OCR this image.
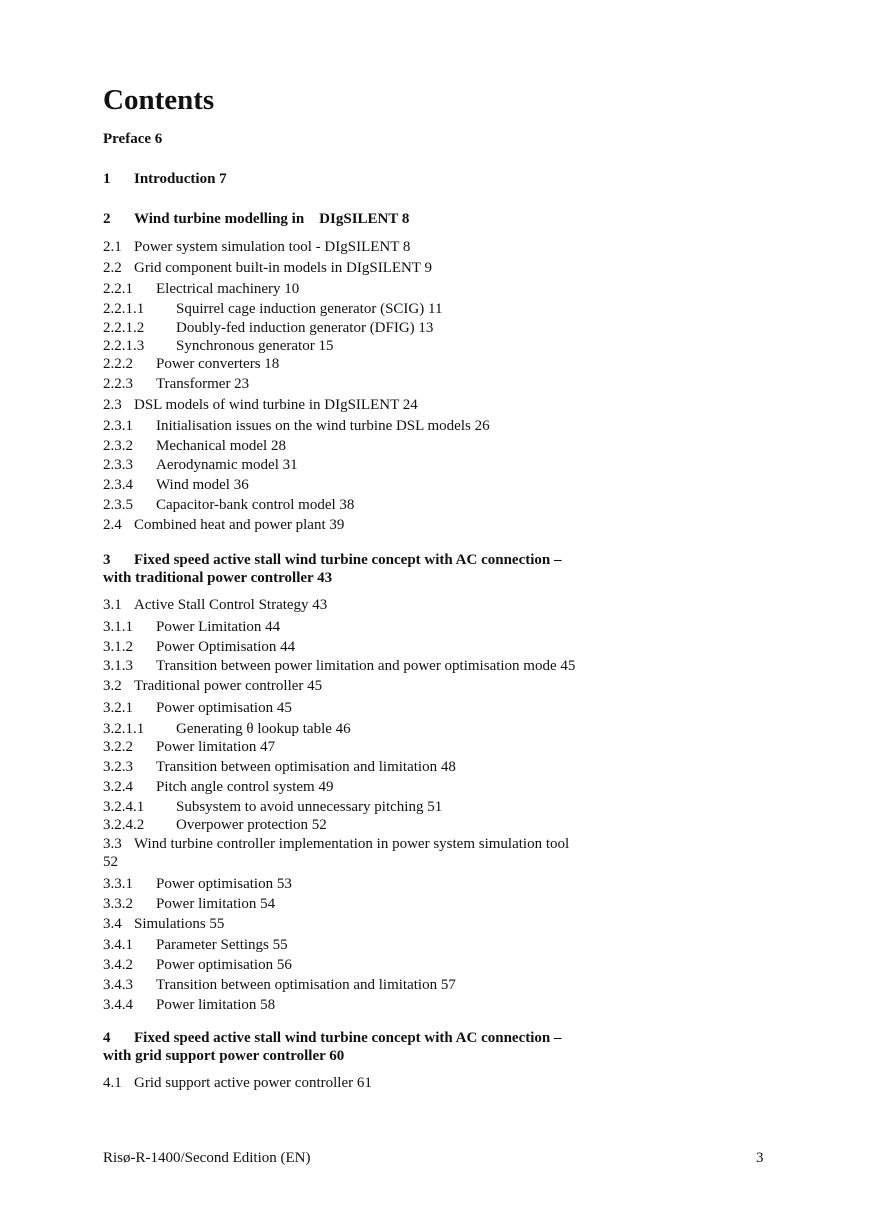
Contents
Preface 6
1 Introduction 7
2 Wind turbine modelling in    DIgSILENT 8
2.1 Power system simulation tool - DIgSILENT 8
2.2 Grid component built-in models in DIgSILENT 9
2.2.1 Electrical machinery 10
2.2.1.1 Squirrel cage induction generator (SCIG) 11
2.2.1.2 Doubly-fed induction generator (DFIG) 13
2.2.1.3 Synchronous generator 15
2.2.2 Power converters 18
2.2.3 Transformer 23
2.3 DSL models of wind turbine in DIgSILENT 24
2.3.1 Initialisation issues on the wind turbine DSL models 26
2.3.2 Mechanical model 28
2.3.3 Aerodynamic model 31
2.3.4 Wind model 36
2.3.5 Capacitor-bank control model 38
2.4 Combined heat and power plant 39
3 Fixed speed active stall wind turbine concept with AC connection –
with traditional power controller 43
3.1 Active Stall Control Strategy 43
3.1.1 Power Limitation 44
3.1.2 Power Optimisation 44
3.1.3 Transition between power limitation and power optimisation mode 45
3.2 Traditional power controller 45
3.2.1 Power optimisation 45
3.2.1.1 Generating θ lookup table 46
3.2.2 Power limitation 47
3.2.3 Transition between optimisation and limitation 48
3.2.4 Pitch angle control system 49
3.2.4.1 Subsystem to avoid unnecessary pitching 51
3.2.4.2 Overpower protection 52
3.3 Wind turbine controller implementation in power system simulation tool
52
3.3.1 Power optimisation 53
3.3.2 Power limitation 54
3.4 Simulations 55
3.4.1 Parameter Settings 55
3.4.2 Power optimisation 56
3.4.3 Transition between optimisation and limitation 57
3.4.4 Power limitation 58
4 Fixed speed active stall wind turbine concept with AC connection –
with grid support power controller 60
4.1 Grid support active power controller 61
Risø-R-1400/Second Edition (EN)	3
